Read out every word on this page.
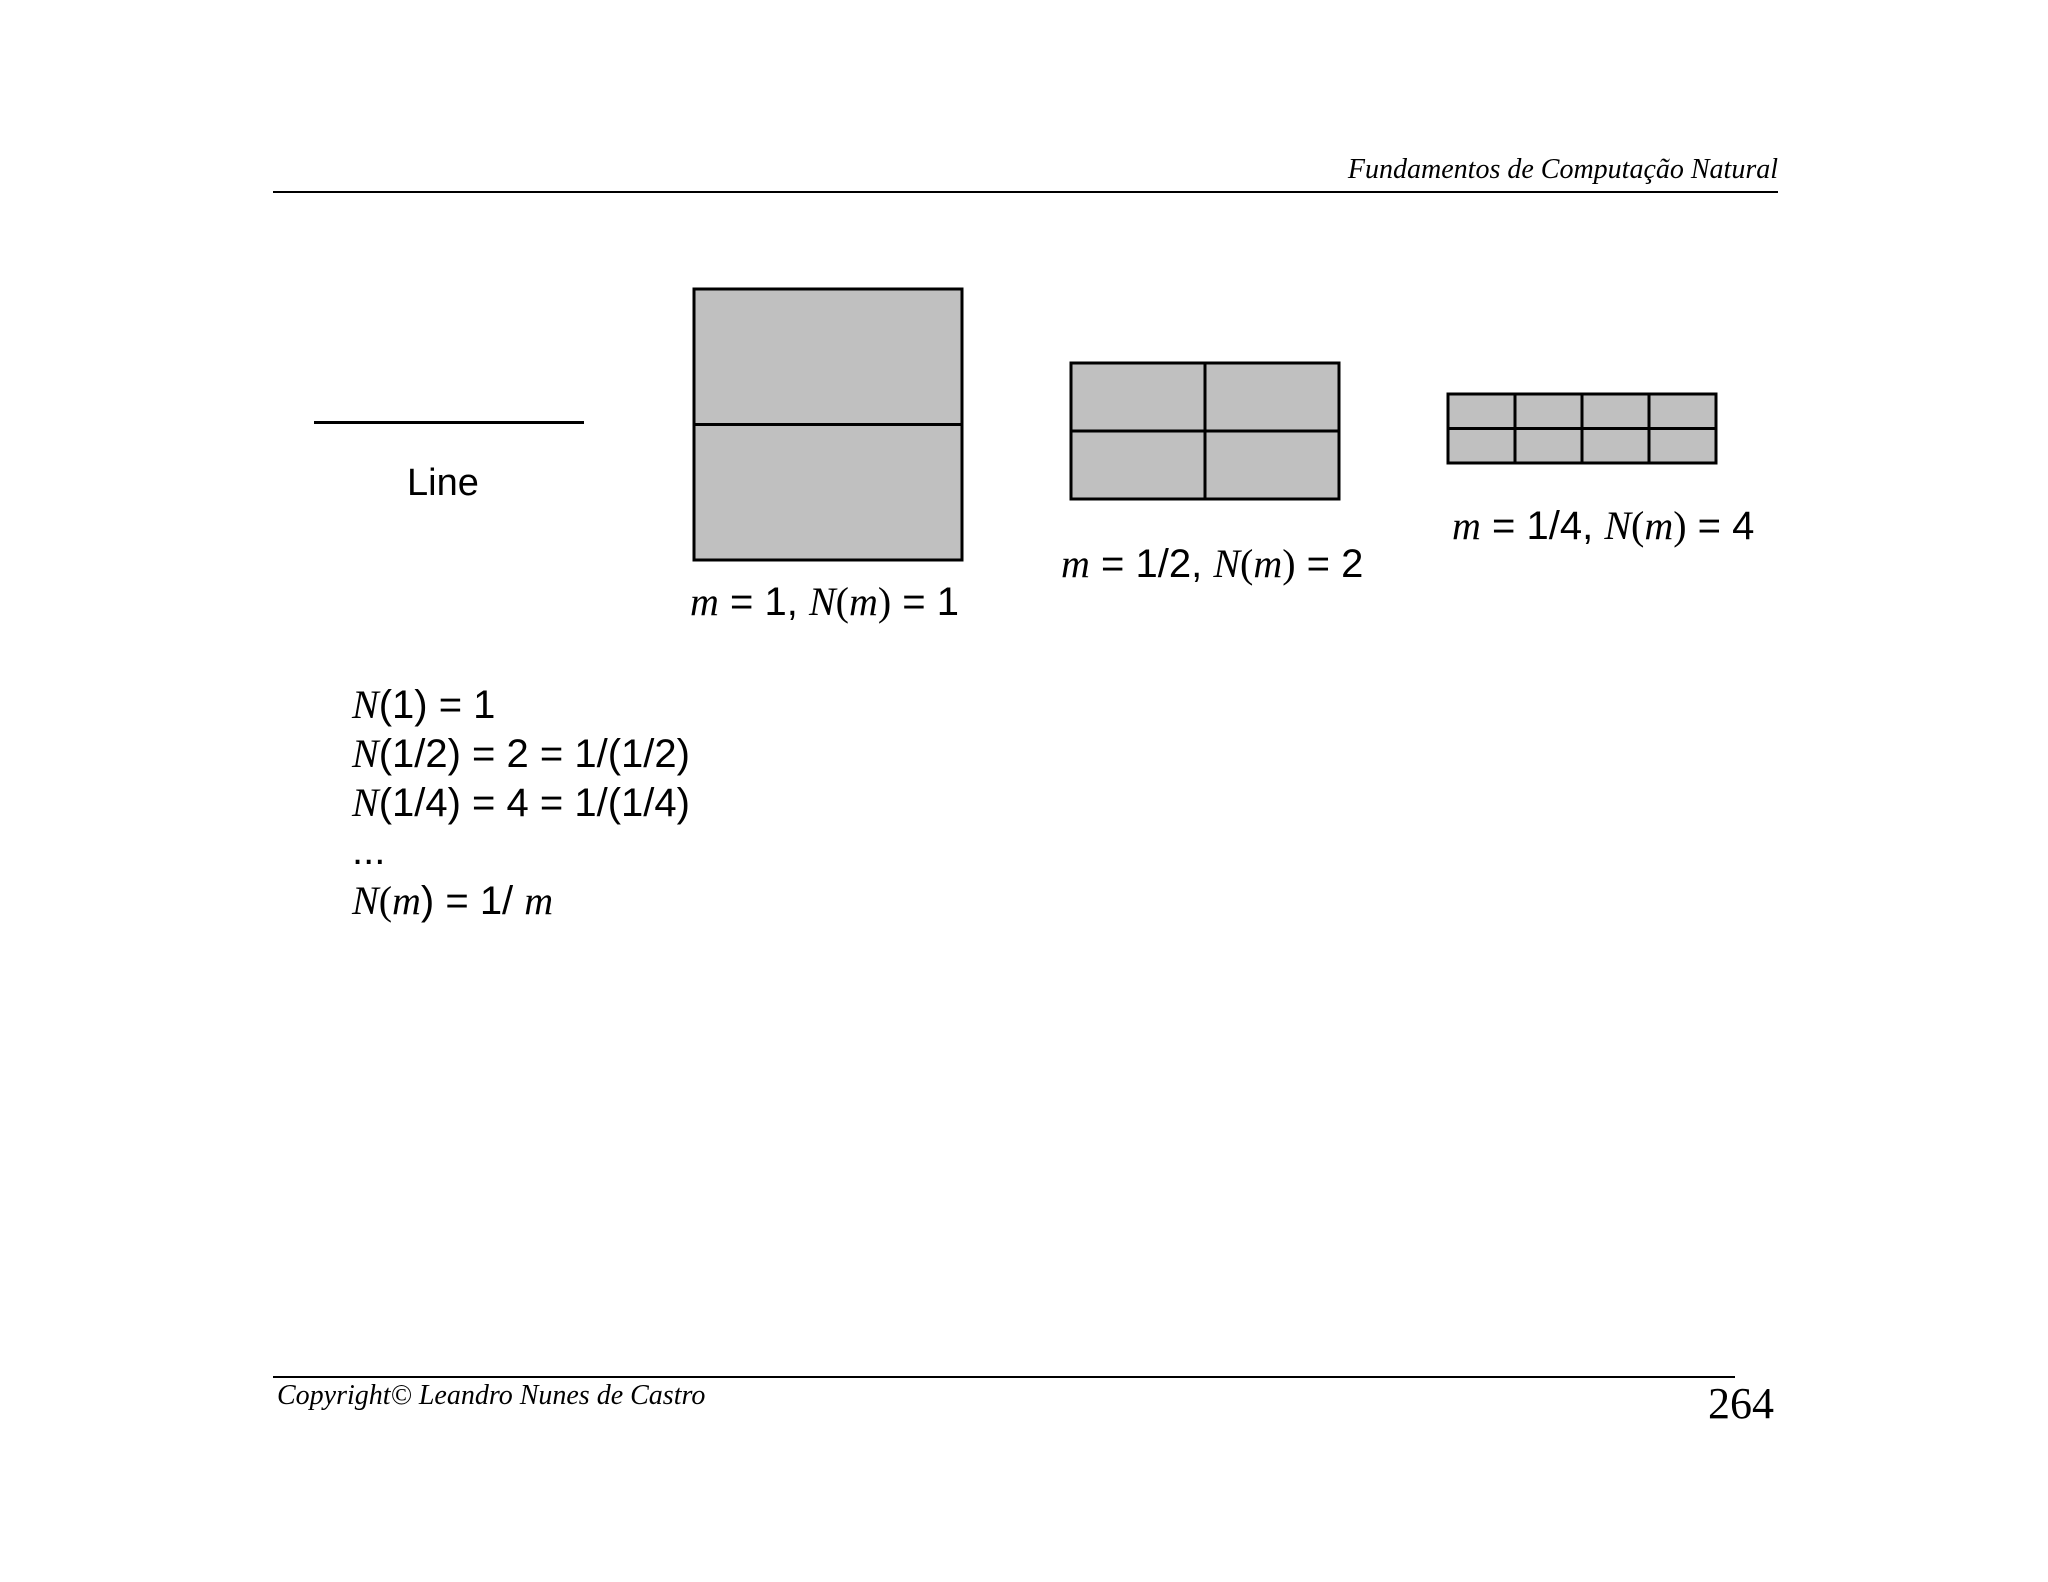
Fundamentos de Computação Natural
Line
m = 1, N(m) = 1
m = 1/2, N(m) = 2
m = 1/4, N(m) = 4
N(1) = 1
N(1/2) = 2 = 1/(1/2)
N(1/4) = 4 = 1/(1/4)
...
N(m) = 1/ m
Copyright© Leandro Nunes de Castro	264
